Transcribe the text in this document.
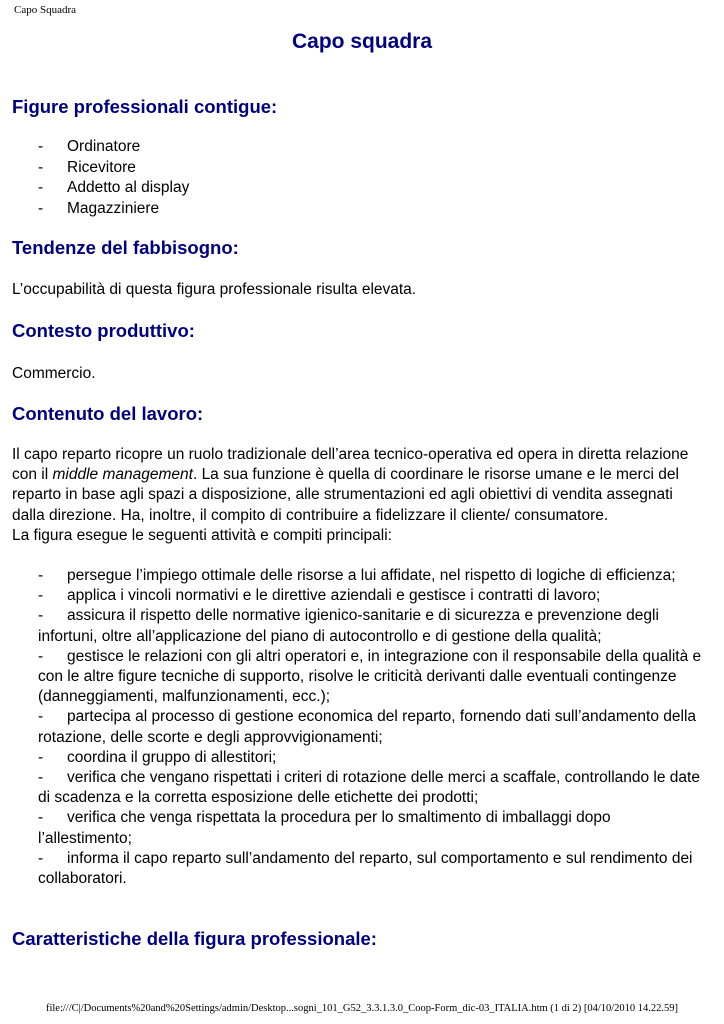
Capo Squadra
Capo squadra
Figure professionali contigue:
- Ordinatore
- Ricevitore
- Addetto al display
- Magazziniere
Tendenze del fabbisogno:

L’occupabilità di questa figura professionale risulta elevata.

Contesto produttivo:

Commercio.

Contenuto del lavoro:

Il capo reparto ricopre un ruolo tradizionale dell’area tecnico-operativa ed opera in diretta relazione con il middle management. La sua funzione è quella di coordinare le risorse umane e le merci del reparto in base agli spazi a disposizione, alle strumentazioni ed agli obiettivi di vendita assegnati dalla direzione. Ha, inoltre, il compito di contribuire a fidelizzare il cliente/ consumatore.
La figura esegue le seguenti attività e compiti principali:

- persegue l’impiego ottimale delle risorse a lui affidate, nel rispetto di logiche di efficienza;
- applica i vincoli normativi e le direttive aziendali e gestisce i contratti di lavoro;
- assicura il rispetto delle normative igienico-sanitarie e di sicurezza e prevenzione degli infortuni, oltre all’applicazione del piano di autocontrollo e di gestione della qualità;
- gestisce le relazioni con gli altri operatori e, in integrazione con il responsabile della qualità e con le altre figure tecniche di supporto, risolve le criticità derivanti dalle eventuali contingenze (danneggiamenti, malfunzionamenti, ecc.);
- partecipa al processo di gestione economica del reparto, fornendo dati sull’andamento della rotazione, delle scorte e degli approvvigionamenti;
- coordina il gruppo di allestitori;
- verifica che vengano rispettati i criteri di rotazione delle merci a scaffale, controllando le date di scadenza e la corretta esposizione delle etichette dei prodotti;
- verifica che venga rispettata la procedura per lo smaltimento di imballaggi dopo l’allestimento;
- informa il capo reparto sull’andamento del reparto, sul comportamento e sul rendimento dei collaboratori.
Caratteristiche della figura professionale:
file:///C|/Documents%20and%20Settings/admin/Desktop...sogni_101_G52_3.3.1.3.0_Coop-Form_dic-03_ITALIA.htm (1 di 2) [04/10/2010 14.22.59]
